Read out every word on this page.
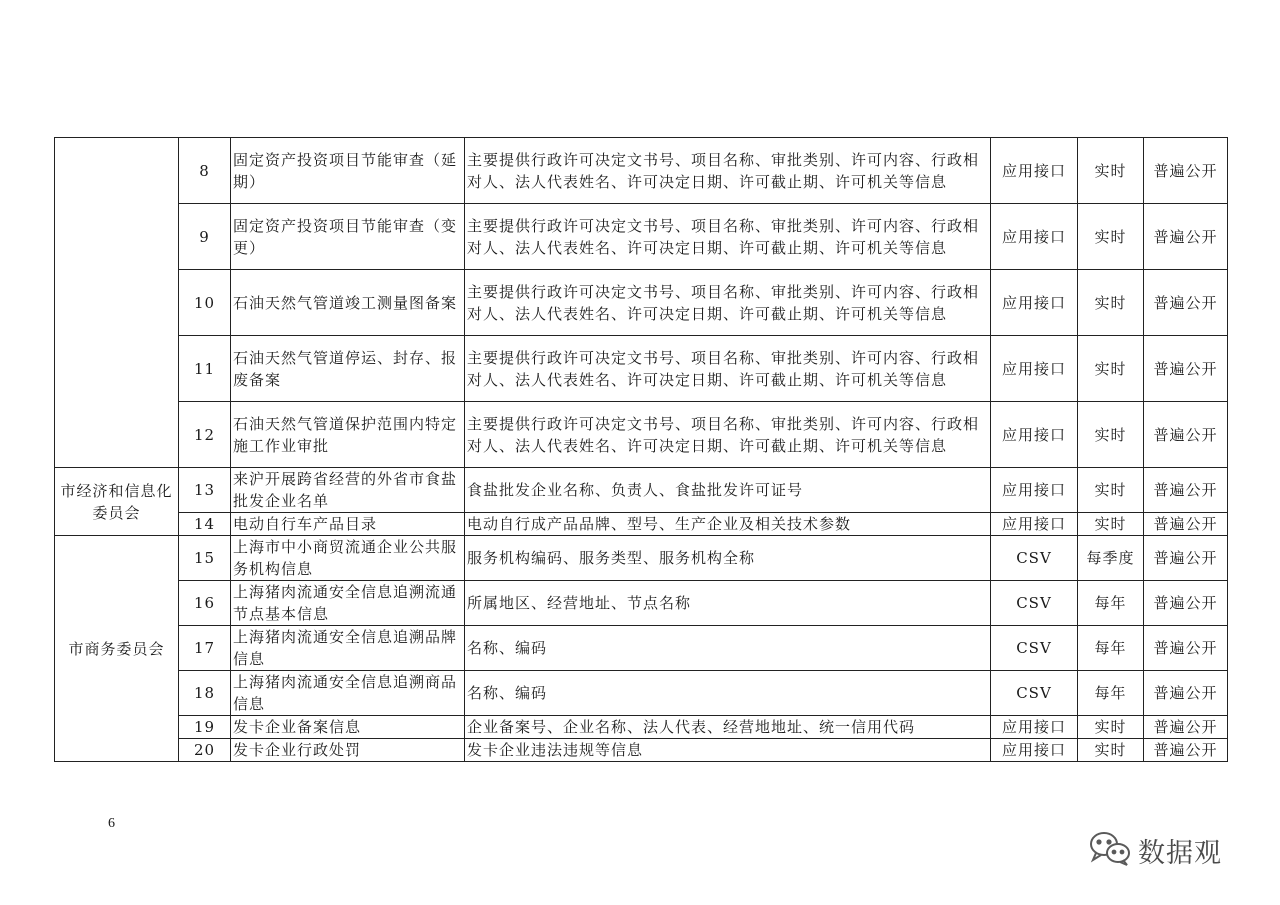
	8	固定资产投资项目节能审查（延期）	主要提供行政许可决定文书号、项目名称、审批类别、许可内容、行政相对人、法人代表姓名、许可决定日期、许可截止期、许可机关等信息	应用接口	实时	普遍公开
	9	固定资产投资项目节能审查（变更）	主要提供行政许可决定文书号、项目名称、审批类别、许可内容、行政相对人、法人代表姓名、许可决定日期、许可截止期、许可机关等信息	应用接口	实时	普遍公开
	10	石油天然气管道竣工测量图备案	主要提供行政许可决定文书号、项目名称、审批类别、许可内容、行政相对人、法人代表姓名、许可决定日期、许可截止期、许可机关等信息	应用接口	实时	普遍公开
	11	石油天然气管道停运、封存、报废备案	主要提供行政许可决定文书号、项目名称、审批类别、许可内容、行政相对人、法人代表姓名、许可决定日期、许可截止期、许可机关等信息	应用接口	实时	普遍公开
	12	石油天然气管道保护范围内特定施工作业审批	主要提供行政许可决定文书号、项目名称、审批类别、许可内容、行政相对人、法人代表姓名、许可决定日期、许可截止期、许可机关等信息	应用接口	实时	普遍公开
市经济和信息化委员会	13	来沪开展跨省经营的外省市食盐批发企业名单	食盐批发企业名称、负责人、食盐批发许可证号	应用接口	实时	普遍公开
	14	电动自行车产品目录	电动自行成产品品牌、型号、生产企业及相关技术参数	应用接口	实时	普遍公开
市商务委员会	15	上海市中小商贸流通企业公共服务机构信息	服务机构编码、服务类型、服务机构全称	CSV	每季度	普遍公开
	16	上海猪肉流通安全信息追溯流通节点基本信息	所属地区、经营地址、节点名称	CSV	每年	普遍公开
	17	上海猪肉流通安全信息追溯品牌信息	名称、编码	CSV	每年	普遍公开
	18	上海猪肉流通安全信息追溯商品信息	名称、编码	CSV	每年	普遍公开
	19	发卡企业备案信息	企业备案号、企业名称、法人代表、经营地地址、统一信用代码	应用接口	实时	普遍公开
	20	发卡企业行政处罚	发卡企业违法违规等信息	应用接口	实时	普遍公开
6
数据观
